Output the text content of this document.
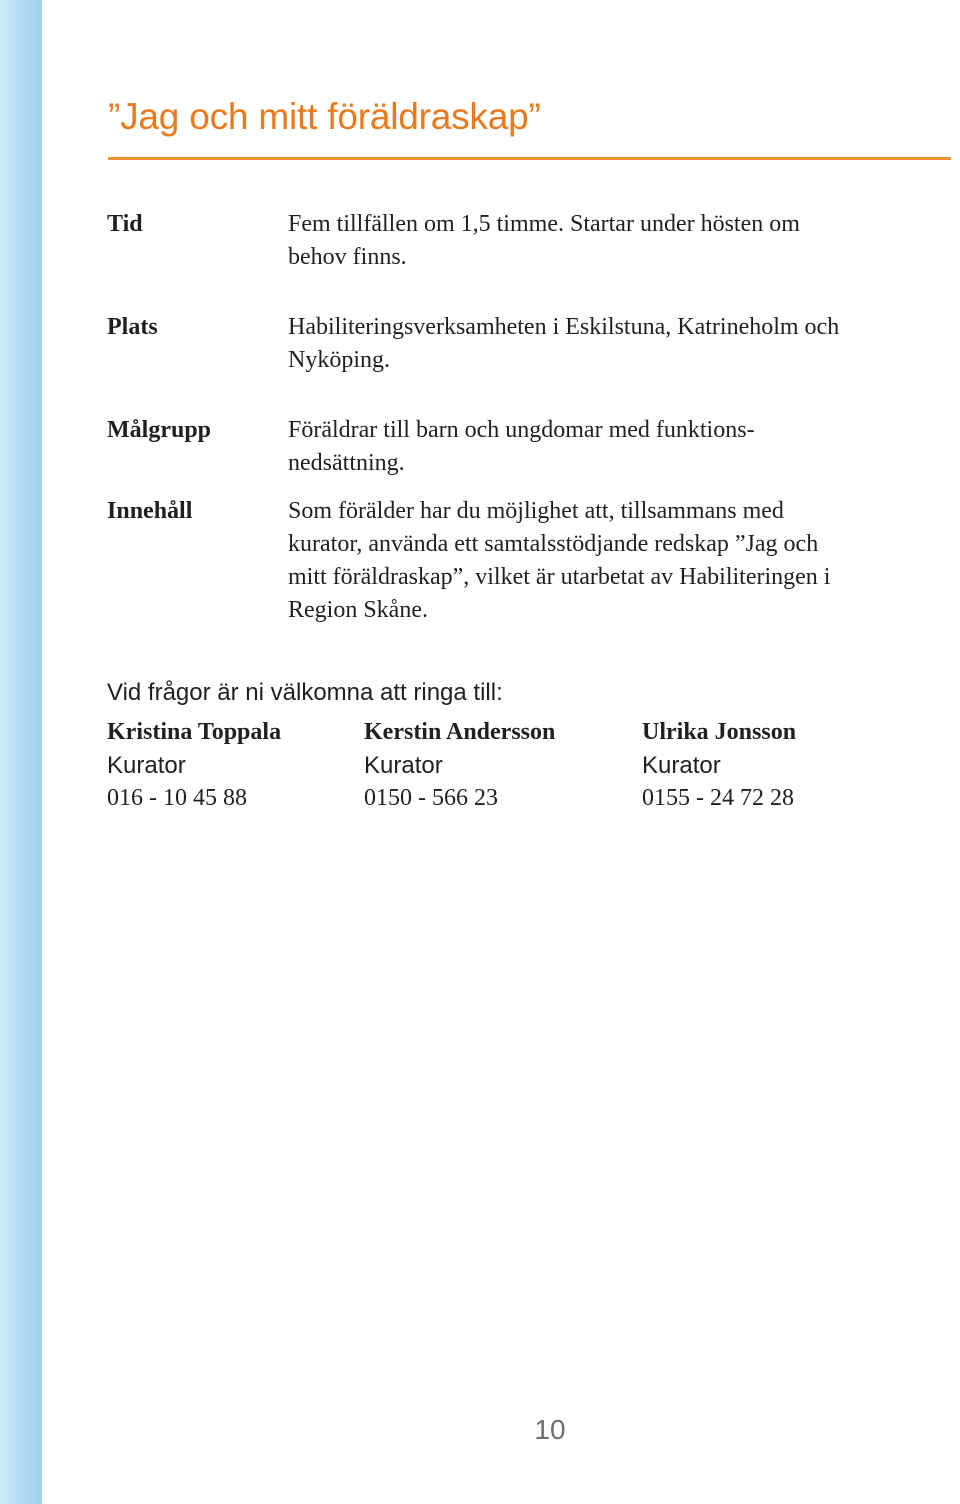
”Jag och mitt föräldraskap”
Tid	Fem tillfällen om 1,5 timme. Startar under hösten om
behov finns.

Plats	Habiliteringsverksamheten i Eskilstuna, Katrineholm och
Nyköping.

Målgrupp	Föräldrar till barn och ungdomar med funktions-
nedsättning.

Innehåll	Som förälder har du möjlighet att, tillsammans med
kurator, använda ett samtalsstödjande redskap ”Jag och
mitt föräldraskap”, vilket är utarbetat av Habiliteringen i
Region Skåne.

Vid frågor är ni välkomna att ringa till:
Kristina Toppala
Kurator
016 - 10 45 88
Kerstin Andersson
Kurator
0150 - 566 23
Ulrika Jonsson
Kurator
0155 - 24 72 28
10
